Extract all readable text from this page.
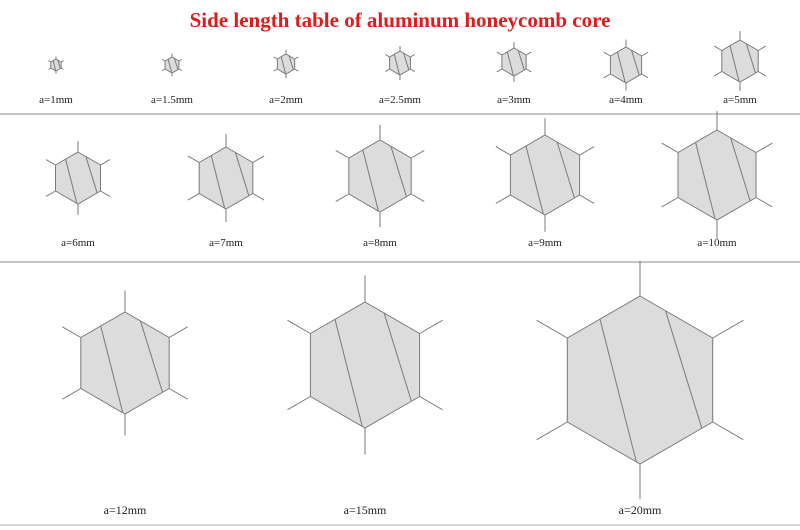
Side length table of aluminum honeycomb core
a=1mm	a=1.5mm	a=2mm	a=2.5mm	a=3mm	a=4mm	a=5mm
a=6mm	a=7mm	a=8mm	a=9mm	a=10mm
a=12mm	a=15mm	a=20mm
